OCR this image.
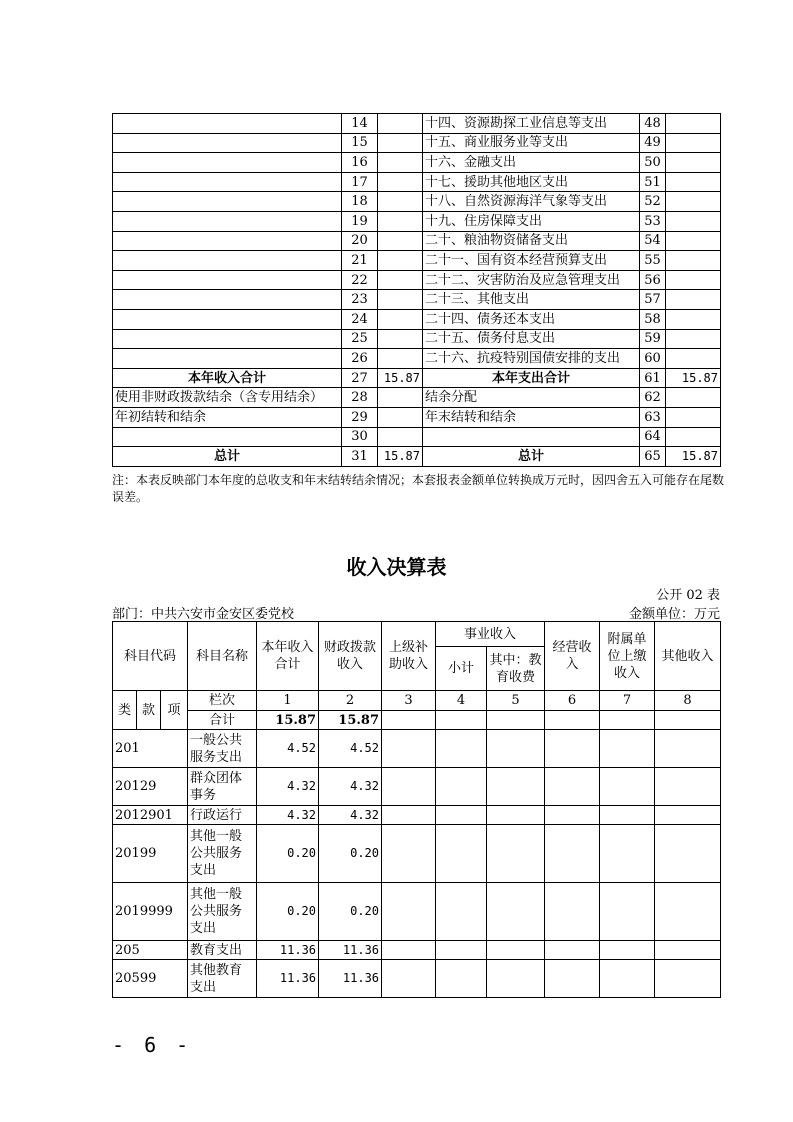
	14		十四、资源勘探工业信息等支出	48	
	15		十五、商业服务业等支出	49	
	16		十六、金融支出	50	
	17		十七、援助其他地区支出	51	
	18		十八、自然资源海洋气象等支出	52	
	19		十九、住房保障支出	53	
	20		二十、粮油物资储备支出	54	
	21		二十一、国有资本经营预算支出	55	
	22		二十二、灾害防治及应急管理支出	56	
	23		二十三、其他支出	57	
	24		二十四、债务还本支出	58	
	25		二十五、债务付息支出	59	
	26		二十六、抗疫特别国债安排的支出	60	
本年收入合计	27	15.87	本年支出合计	61	15.87
使用非财政拨款结余（含专用结余）	28		结余分配	62	
年初结转和结余	29		年末结转和结余	63	
	30			64	
总计	31	15.87	总计	65	15.87
注：本表反映部门本年度的总收支和年末结转结余情况；本套报表金额单位转换成万元时，因四舍五入可能存在尾数误差。
收入决算表
公开 02 表
部门：中共六安市金安区委党校	金额单位：万元
科目代码			科目名称	本年收入合计	财政拨款收入	上级补助收入	事业收入		经营收入	附属单位上缴收入	其他收入
							小计	其中：教育收费			
类	款	项	栏次	1	2	3	4	5	6	7	8
			合计	15.87	15.87						
201			一般公共服务支出	4.52	4.52						
20129			群众团体事务	4.32	4.32						
2012901			行政运行	4.32	4.32						
20199			其他一般公共服务支出	0.20	0.20						
2019999			其他一般公共服务支出	0.20	0.20						
205			教育支出	11.36	11.36						
20599			其他教育支出	11.36	11.36						
- 6 -
